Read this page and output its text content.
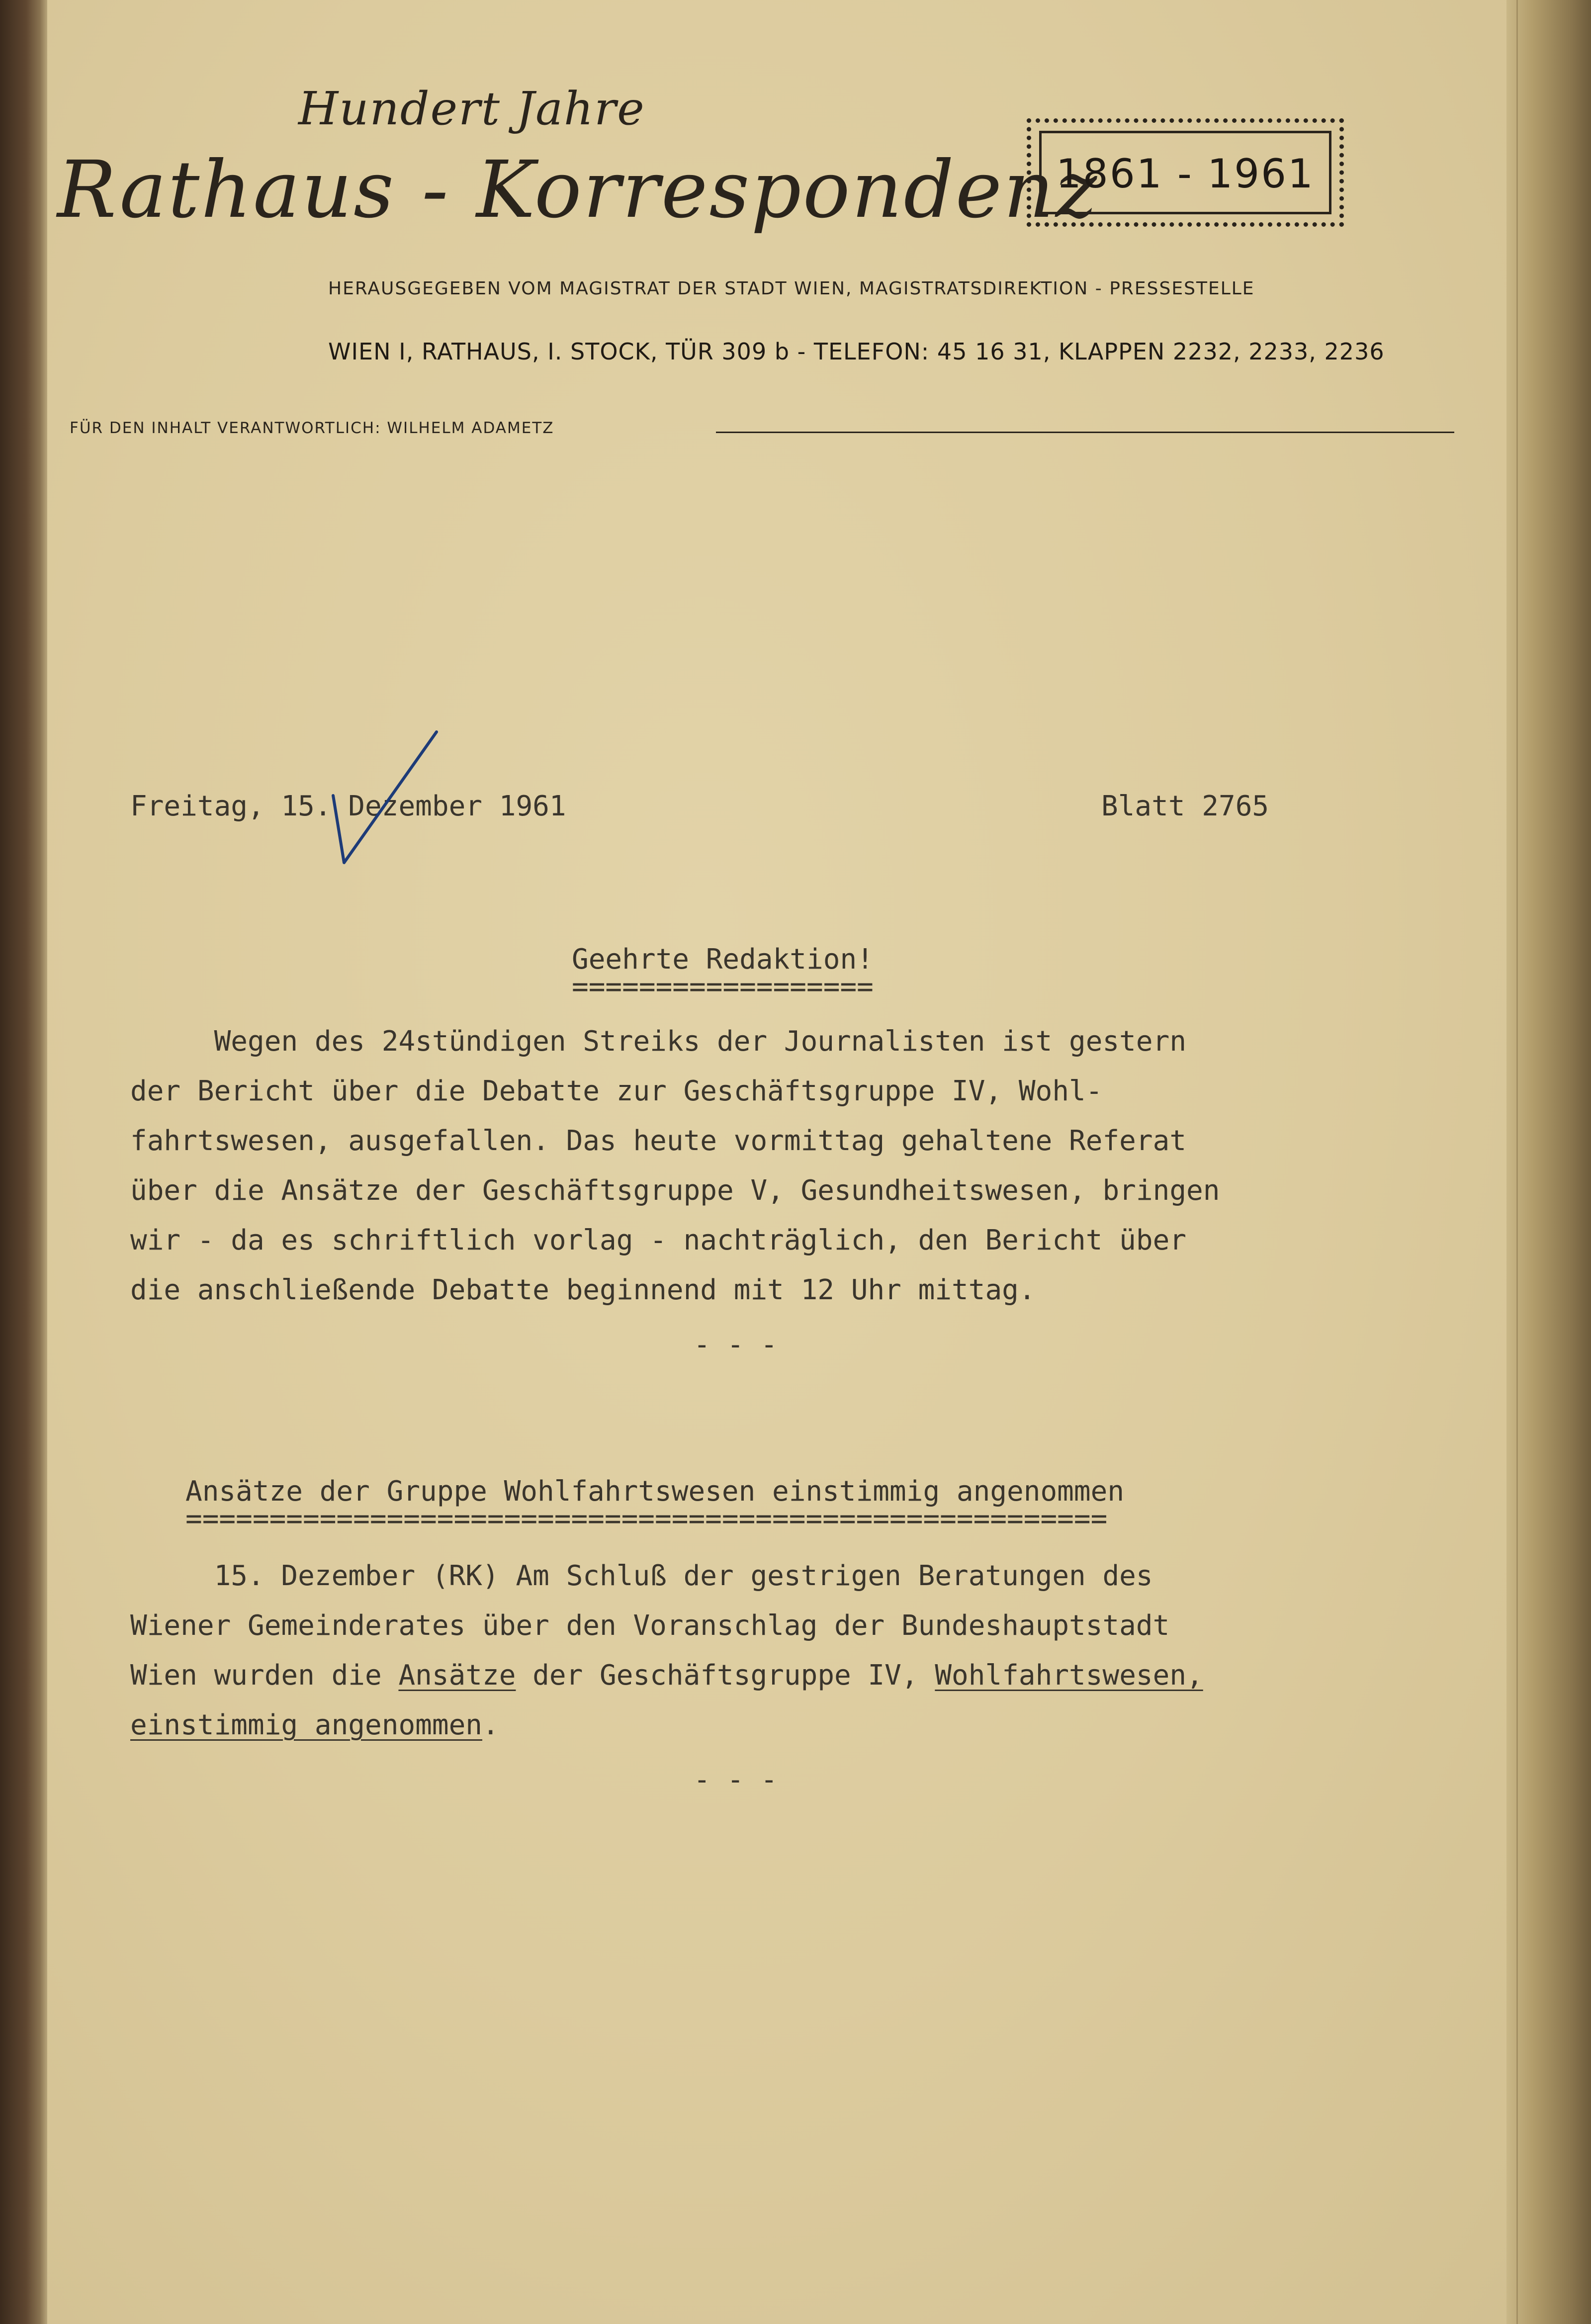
Hundert Jahre
Rathaus - Korrespondenz
1861 - 1961
HERAUSGEGEBEN VOM MAGISTRAT DER STADT WIEN, MAGISTRATSDIREKTION - PRESSESTELLE
WIEN I, RATHAUS, I. STOCK, TÜR 309 b - TELEFON: 45 16 31, KLAPPEN 2232, 2233, 2236
FÜR DEN INHALT VERANTWORTLICH: WILHELM ADAMETZ
Freitag, 15. Dezember 1961	Blatt 2765
Geehrte Redaktion!
==================
Wegen des 24stündigen Streiks der Journalisten ist gestern
der Bericht über die Debatte zur Geschäftsgruppe IV, Wohl-
fahrtswesen, ausgefallen. Das heute vormittag gehaltene Referat
über die Ansätze der Geschäftsgruppe V, Gesundheitswesen, bringen
wir - da es schriftlich vorlag - nachträglich, den Bericht über
die anschließende Debatte beginnend mit 12 Uhr mittag.
- - -
Ansätze der Gruppe Wohlfahrtswesen einstimmig angenommen
=======================================================
15. Dezember (RK) Am Schluß der gestrigen Beratungen des
Wiener Gemeinderates über den Voranschlag der Bundeshauptstadt
Wien wurden die Ansätze der Geschäftsgruppe IV, Wohlfahrtswesen,
einstimmig angenommen.
- - -
